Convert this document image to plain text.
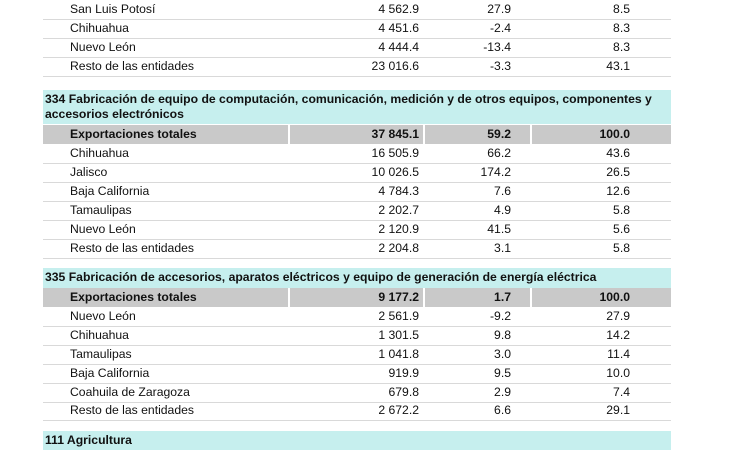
San Luis Potosí	4 562.9	27.9	8.5
Chihuahua	4 451.6	-2.4	8.3
Nuevo León	4 444.4	-13.4	8.3
Resto de las entidades	23 016.6	-3.3	43.1
334 Fabricación de equipo de computación, comunicación, medición y de otros equipos, componentes y accesorios electrónicos
Exportaciones totales	37 845.1	59.2	100.0
Chihuahua	16 505.9	66.2	43.6
Jalisco	10 026.5	174.2	26.5
Baja California	4 784.3	7.6	12.6
Tamaulipas	2 202.7	4.9	5.8
Nuevo León	2 120.9	41.5	5.6
Resto de las entidades	2 204.8	3.1	5.8
335 Fabricación de accesorios, aparatos eléctricos y equipo de generación de energía eléctrica
Exportaciones totales	9 177.2	1.7	100.0
Nuevo León	2 561.9	-9.2	27.9
Chihuahua	1 301.5	9.8	14.2
Tamaulipas	1 041.8	3.0	11.4
Baja California	919.9	9.5	10.0
Coahuila de Zaragoza	679.8	2.9	7.4
Resto de las entidades	2 672.2	6.6	29.1
111 Agricultura
